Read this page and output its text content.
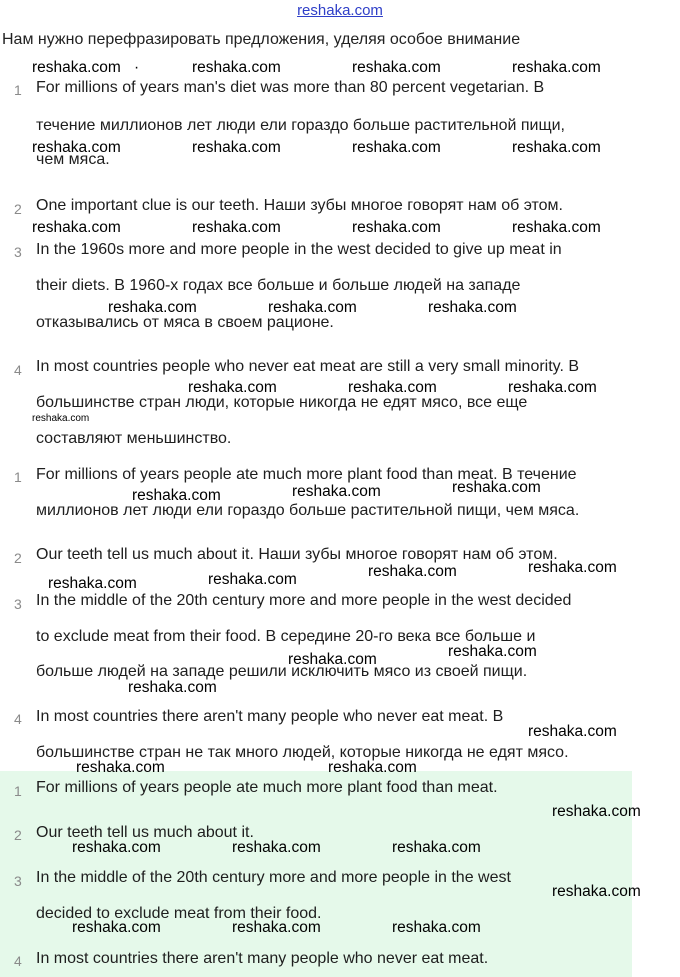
reshaka.com
Нам нужно перефразировать предложения, уделяя особое внимание
1 For millions of years man's diet was more than 80 percent vegetarian. В
течение миллионов лет люди ели гораздо больше растительной пищи,
чем мяса.
2 One important clue is our teeth. Наши зубы многое говорят нам об этом.
3 In the 1960s more and more people in the west decided to give up meat in
their diets. В 1960-х годах все больше и больше людей на западе
отказывались от мяса в своем рационе.
4 In most countries people who never eat meat are still a very small minority. В
большинстве стран люди, которые никогда не едят мясо, все еще
составляют меньшинство.
1 For millions of years people ate much more plant food than meat. В течение
миллионов лет люди ели гораздо больше растительной пищи, чем мяса.
2 Our teeth tell us much about it. Наши зубы многое говорят нам об этом.
3 In the middle of the 20th century more and more people in the west decided
to exclude meat from their food. В середине 20-го века все больше и
больше людей на западе решили исключить мясо из своей пищи.
4 In most countries there aren't many people who never eat meat. В
большинстве стран не так много людей, которые никогда не едят мясо.
1 For millions of years people ate much more plant food than meat.
2 Our teeth tell us much about it.
3 In the middle of the 20th century more and more people in the west
decided to exclude meat from their food.
4 In most countries there aren't many people who never eat meat.
reshaka.com ·	reshaka.com	reshaka.com	reshaka.com
reshaka.com	reshaka.com	reshaka.com	reshaka.com
reshaka.com	reshaka.com	reshaka.com	reshaka.com
reshaka.com	reshaka.com	reshaka.com
reshaka.com	reshaka.com	reshaka.com
reshaka.com
reshaka.com	reshaka.com	reshaka.com
reshaka.com	reshaka.com	reshaka.com	reshaka.com
reshaka.com	reshaka.com
reshaka.com
reshaka.com
reshaka.com	reshaka.com
reshaka.com
reshaka.com	reshaka.com	reshaka.com
reshaka.com
reshaka.com	reshaka.com	reshaka.com
